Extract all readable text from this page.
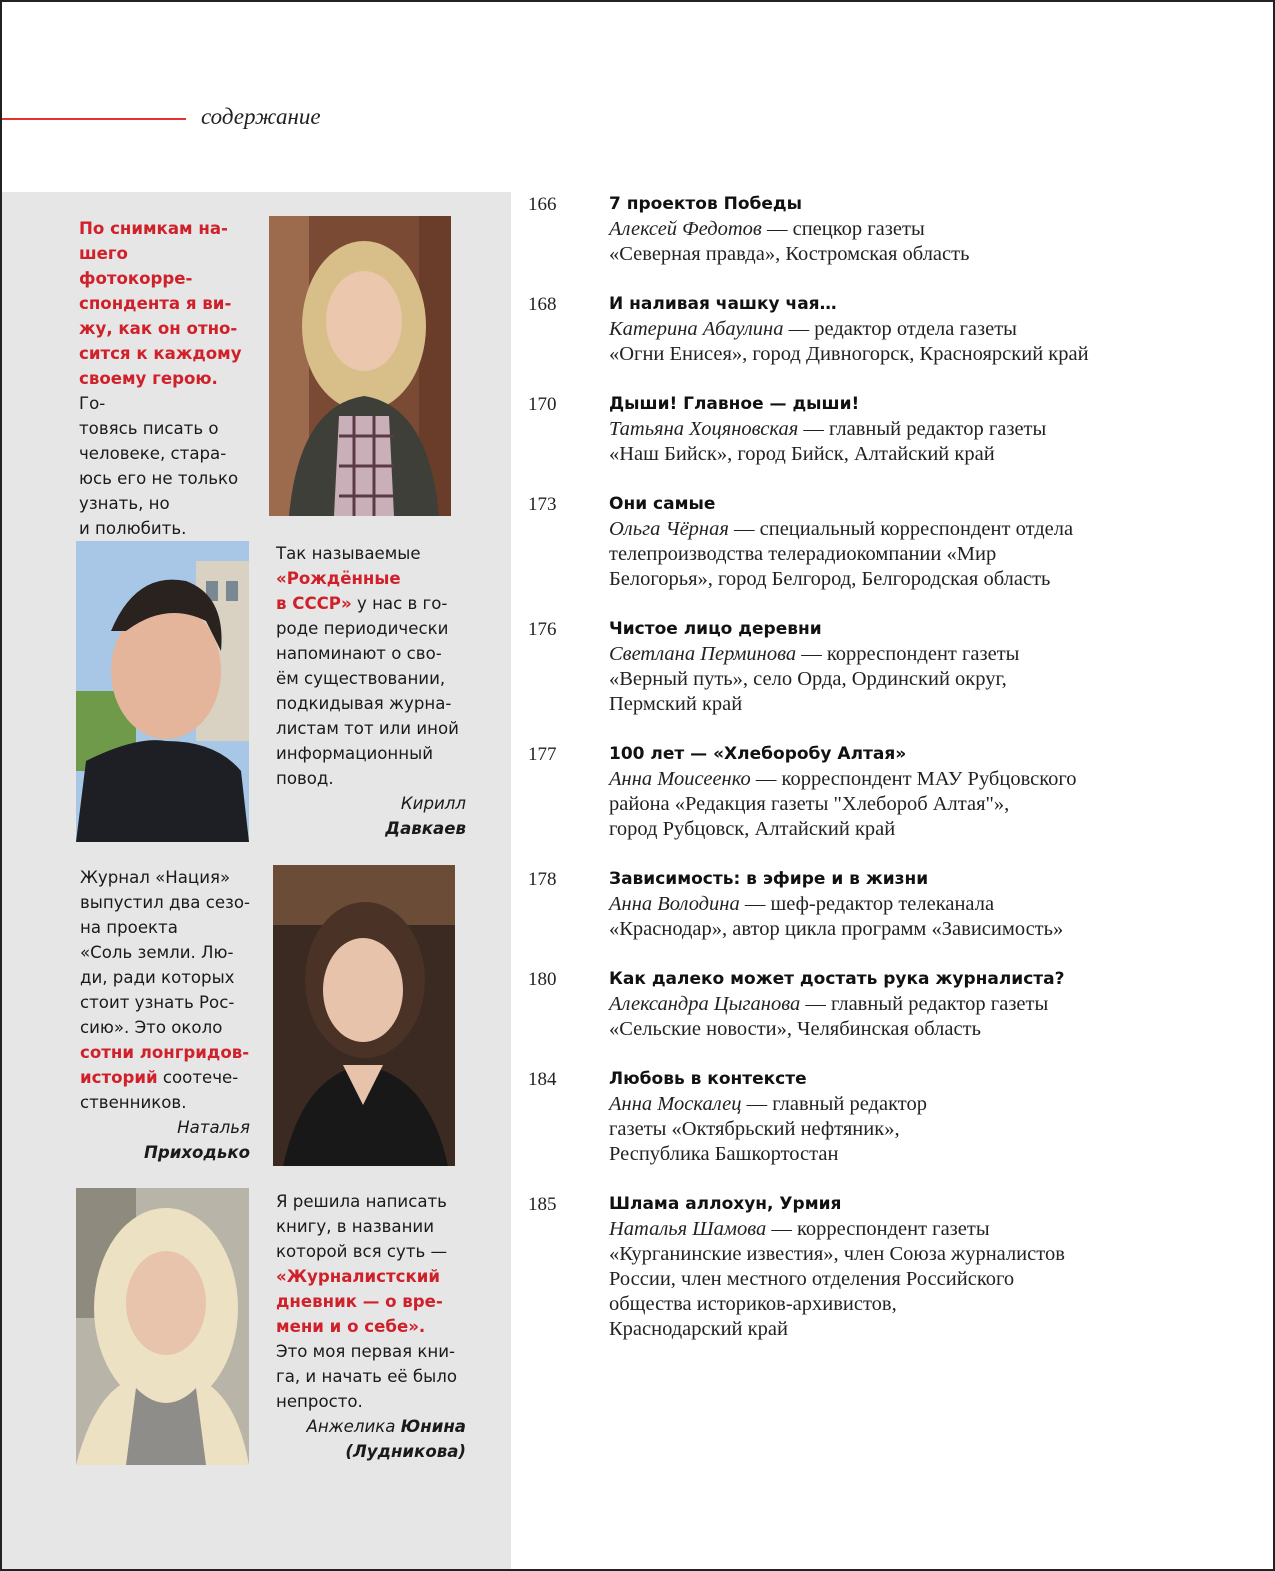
содержание
По снимкам на-
шего фотокорре-
спондента я ви-
жу, как он отно-
сится к каждому
своему герою. Го-
товясь писать о
человеке, стара-
юсь его не только
узнать, но
и полюбить.
Так называемые
«Рождённые
в СССР» у нас в го-
роде периодически
напоминают о сво-
ём существовании,
подкидывая журна-
листам тот или иной
информационный
повод.
Кирилл
Давкаев
Журнал «Нация»
выпустил два сезо-
на проекта
«Соль земли. Лю-
ди, ради которых
стоит узнать Рос-
сию». Это около
сотни лонгридов-
историй соотече-
ственников.
Наталья
Приходько
Я решила написать
книгу, в названии
которой вся суть —
«Журналистский
дневник — о вре-
мени и о себе».
Это моя первая кни-
га, и начать её было
непросто.
Анжелика Юнина
(Лудникова)
166	7 проектов Победы
Алексей Федотов — спецкор газеты
«Северная правда», Костромская область
168	И наливая чашку чая…
Катерина Абаулина — редактор отдела газеты
«Огни Енисея», город Дивногорск, Красноярский край
170	Дыши! Главное — дыши!
Татьяна Хоцяновская — главный редактор газеты
«Наш Бийск», город Бийск, Алтайский край
173	Они самые
Ольга Чёрная — специальный корреспондент отдела
телепроизводства телерадиокомпании «Мир
Белогорья», город Белгород, Белгородская область
176	Чистое лицо деревни
Светлана Перминова — корреспондент газеты
«Верный путь», село Орда, Ординский округ,
Пермский край
177	100 лет — «Хлеборобу Алтая»
Анна Моисеенко — корреспондент МАУ Рубцовского
района «Редакция газеты "Хлебороб Алтая"»,
город Рубцовск, Алтайский край
178	Зависимость: в эфире и в жизни
Анна Володина — шеф-редактор телеканала
«Краснодар», автор цикла программ «Зависимость»
180	Как далеко может достать рука журналиста?
Александра Цыганова — главный редактор газеты
«Сельские новости», Челябинская область
184	Любовь в контексте
Анна Москалец — главный редактор
газеты «Октябрьский нефтяник»,
Республика Башкортостан
185	Шлама аллохун, Урмия
Наталья Шамова — корреспондент газеты
«Курганинские известия», член Союза журналистов
России, член местного отделения Российского
общества историков-архивистов,
Краснодарский край
